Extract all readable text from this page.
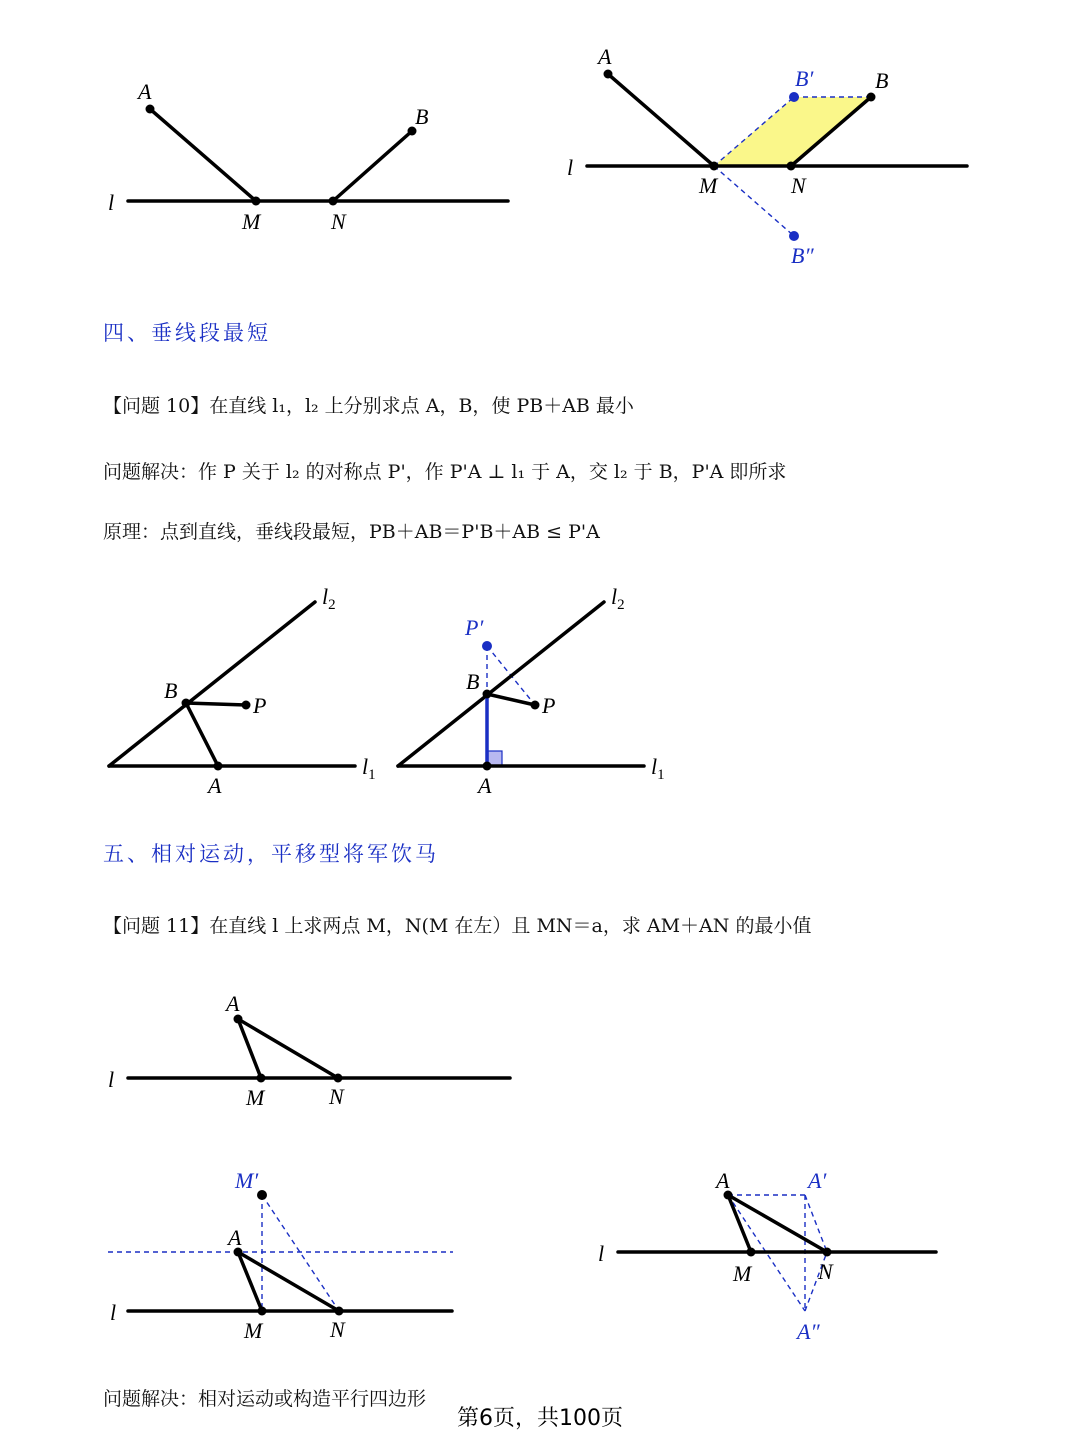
A
B
M	N
l
A
B
B′
B″
M	N
l
B
P
A
$l_2$
$l_1$
P′
B
P
A
$l_2$
$l_1$
A
M	N
l
M′
A
M	N
l
A	A′
A″
M	N
l
四、垂线段最短
【问题 10】在直线 l₁，l₂ 上分别求点 A，B，使 PB＋AB 最小
问题解决：作 P 关于 l₂ 的对称点 P'，作 P'A ⊥ l₁ 于 A，交 l₂ 于 B，P'A 即所求
原理：点到直线，垂线段最短，PB＋AB＝P'B＋AB ≤ P'A
五、相对运动，平移型将军饮马
【问题 11】在直线 l 上求两点 M，N(M 在左）且 MN＝a，求 AM＋AN 的最小值
问题解决：相对运动或构造平行四边形
第6页，共100页
